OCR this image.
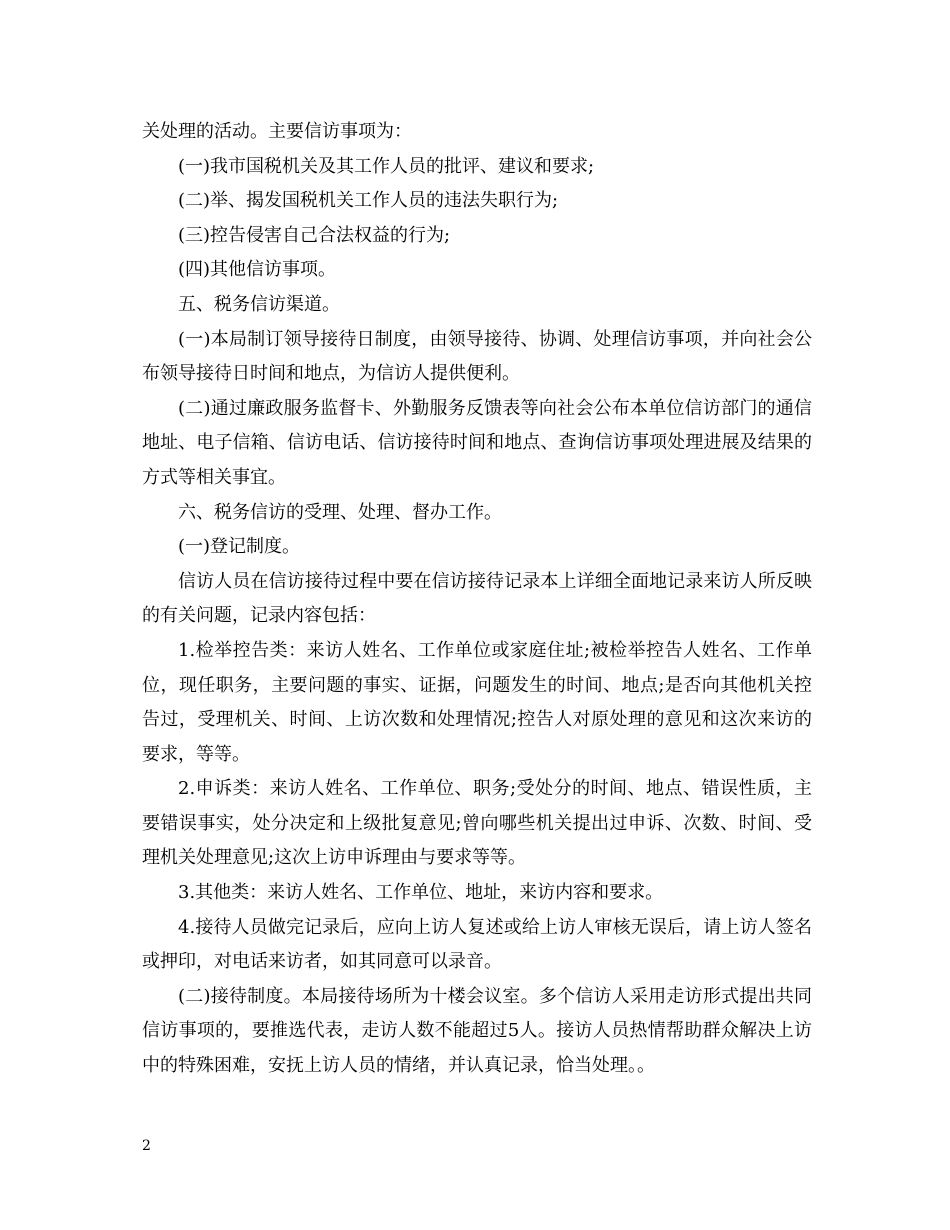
关处理的活动。主要信访事项为：

(一)我市国税机关及其工作人员的批评、建议和要求;

(二)举、揭发国税机关工作人员的违法失职行为;

(三)控告侵害自己合法权益的行为;

(四)其他信访事项。

五、税务信访渠道。

(一)本局制订领导接待日制度，由领导接待、协调、处理信访事项，并向社会公布领导接待日时间和地点，为信访人提供便利。

(二)通过廉政服务监督卡、外勤服务反馈表等向社会公布本单位信访部门的通信地址、电子信箱、信访电话、信访接待时间和地点、查询信访事项处理进展及结果的方式等相关事宜。

六、税务信访的受理、处理、督办工作。

(一)登记制度。

信访人员在信访接待过程中要在信访接待记录本上详细全面地记录来访人所反映的有关问题，记录内容包括：

1.检举控告类：来访人姓名、工作单位或家庭住址;被检举控告人姓名、工作单位，现任职务，主要问题的事实、证据，问题发生的时间、地点;是否向其他机关控告过，受理机关、时间、上访次数和处理情况;控告人对原处理的意见和这次来访的要求，等等。

2.申诉类：来访人姓名、工作单位、职务;受处分的时间、地点、错误性质，主要错误事实，处分决定和上级批复意见;曾向哪些机关提出过申诉、次数、时间、受理机关处理意见;这次上访申诉理由与要求等等。

3.其他类：来访人姓名、工作单位、地址，来访内容和要求。

4.接待人员做完记录后，应向上访人复述或给上访人审核无误后，请上访人签名或押印，对电话来访者，如其同意可以录音。

(二)接待制度。本局接待场所为十楼会议室。多个信访人采用走访形式提出共同信访事项的，要推选代表，走访人数不能超过5人。接访人员热情帮助群众解决上访中的特殊困难，安抚上访人员的情绪，并认真记录，恰当处理。。

2
